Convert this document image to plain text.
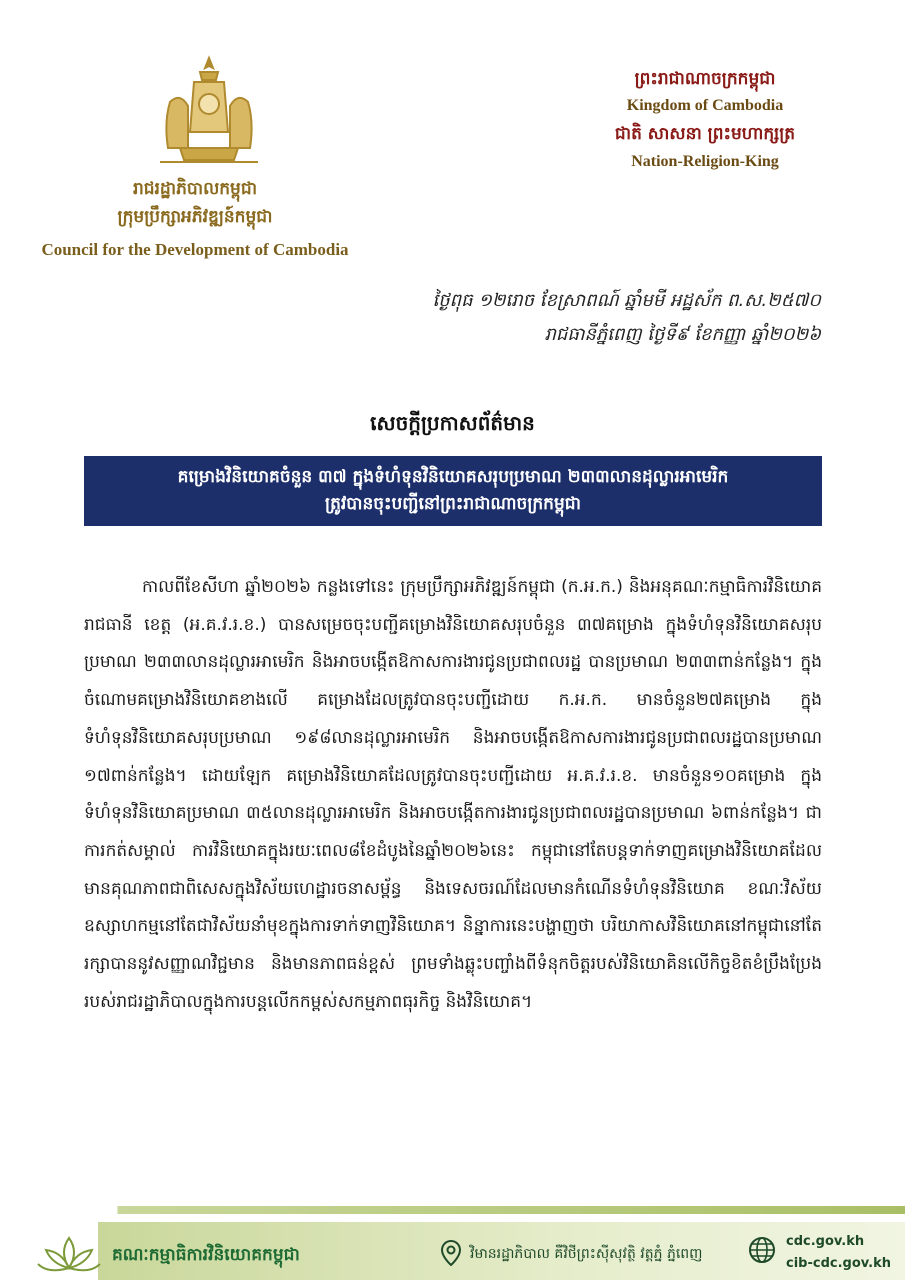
រាជរដ្ឋាភិបាលកម្ពុជា
ក្រុមប្រឹក្សាអភិវឌ្ឍន៍កម្ពុជា
Council for the Development of Cambodia
ព្រះរាជាណាចក្រកម្ពុជា
Kingdom of Cambodia
ជាតិ សាសនា ព្រះមហាក្សត្រ
Nation-Religion-King
ថ្ងៃពុធ ១២រោច ខែស្រាពណ៍ ឆ្នាំមមី អដ្ឋស័ក ព.ស.២៥៧០
រាជធានីភ្នំពេញ ថ្ងៃទី៩ ខែកញ្ញា ឆ្នាំ២០២៦
សេចក្តីប្រកាសព័ត៌មាន
គម្រោងវិនិយោគចំនួន ៣៧ ក្នុងទំហំទុនវិនិយោគសរុបប្រមាណ ២៣៣លានដុល្លារអាមេរិក
ត្រូវបានចុះបញ្ជីនៅព្រះរាជាណាចក្រកម្ពុជា

កាលពីខែសីហា ឆ្នាំ២០២៦ កន្លងទៅនេះ ក្រុមប្រឹក្សាអភិវឌ្ឍន៍កម្ពុជា (ក.អ.ក.) និងអនុគណៈកម្មាធិការវិនិយោគរាជធានី ខេត្ត (អ.គ.វ.រ.ខ.) បានសម្រេចចុះបញ្ជីគម្រោងវិនិយោគសរុបចំនួន ៣៧គម្រោង ក្នុងទំហំទុនវិនិយោគសរុបប្រមាណ ២៣៣លានដុល្លារអាមេរិក និងអាចបង្កើតឱកាសការងារជូនប្រជាពលរដ្ឋ បានប្រមាណ ២៣៣ពាន់កន្លែង។ ក្នុងចំណោមគម្រោងវិនិយោគខាងលើ គម្រោងដែលត្រូវបានចុះបញ្ជីដោយ ក.អ.ក. មានចំនួន២៧គម្រោង ក្នុងទំហំទុនវិនិយោគសរុបប្រមាណ ១៩៨លានដុល្លារអាមេរិក និងអាចបង្កើតឱកាសការងារជូនប្រជាពលរដ្ឋបានប្រមាណ ១៧ពាន់កន្លែង។ ដោយឡែក គម្រោងវិនិយោគដែលត្រូវបានចុះបញ្ជីដោយ អ.គ.វ.រ.ខ. មានចំនួន១០គម្រោង ក្នុងទំហំទុនវិនិយោគប្រមាណ ៣៥លានដុល្លារអាមេរិក និងអាចបង្កើតការងារជូនប្រជាពលរដ្ឋបានប្រមាណ ៦ពាន់កន្លែង។ ជាការកត់សម្គាល់ ការវិនិយោគក្នុងរយៈពេល៨ខែដំបូងនៃឆ្នាំ២០២៦នេះ កម្ពុជានៅតែបន្តទាក់ទាញគម្រោងវិនិយោគដែលមានគុណភាពជាពិសេសក្នុងវិស័យហេដ្ឋារចនាសម្ព័ន្ធ និងទេសចរណ៍ដែលមានកំណើនទំហំទុនវិនិយោគ ខណៈវិស័យឧស្សាហកម្មនៅតែជាវិស័យនាំមុខក្នុងការទាក់ទាញវិនិយោគ។ និន្នាការនេះបង្ហាញថា បរិយាកាសវិនិយោគនៅកម្ពុជានៅតែរក្សាបាននូវសញ្ញាណវិជ្ជមាន និងមានភាពធន់ខ្ពស់ ព្រមទាំងឆ្លុះបញ្ចាំងពីទំនុកចិត្តរបស់វិនិយោគិនលើកិច្ចខិតខំប្រឹងប្រែងរបស់រាជរដ្ឋាភិបាលក្នុងការបន្តលើកកម្ពស់សកម្មភាពធុរកិច្ច និងវិនិយោគ។

គណៈកម្មាធិការវិនិយោគកម្ពុជា	វិមានរដ្ឋាភិបាល គឺវិថីព្រះស៊ីសុវត្ថិ វត្តភ្នំ ភ្នំពេញ
cdc.gov.kh
cib-cdc.gov.kh
